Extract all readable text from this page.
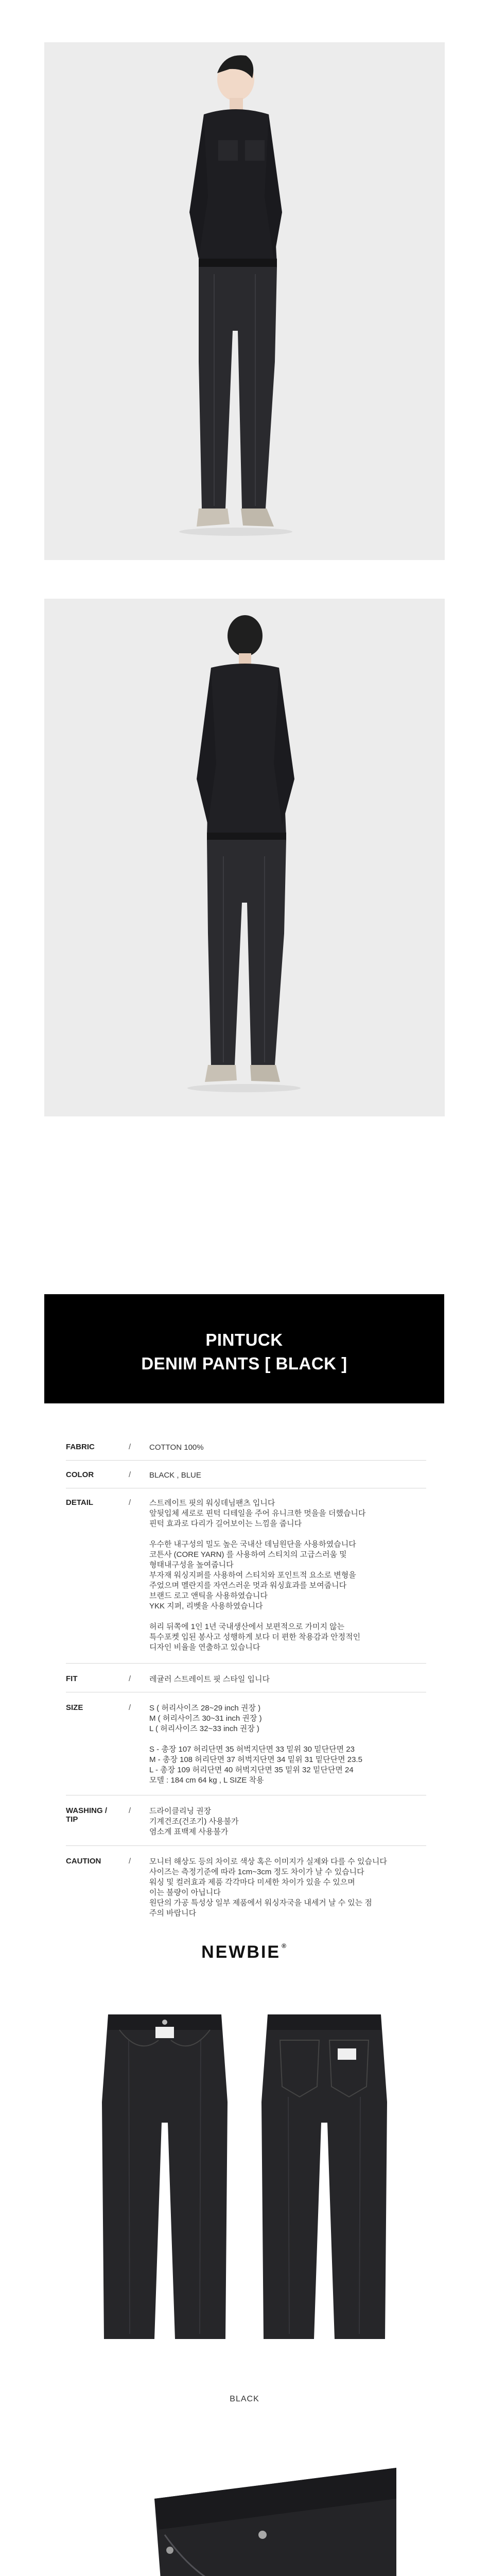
PINTUCK
DENIM PANTS [ BLACK ]
FABRIC	/	COTTON 100%
COLOR	/	BLACK , BLUE
DETAIL	/	스트레이트 핏의 워싱데님팬츠 입니다
앞뒷입체 세로로 핀턱 디테일을 주어 유니크한 멋을을 더했습니다
핀턱 효과로 다리가 길어보이는 느낌을 줍니다
우수한 내구성의 밀도 높은 국내산 데님원단을 사용하였습니다
코튼사 (CORE YARN) 를 사용하여 스티치의 고급스러움 및
형태내구성을 높여줍니다
부자재 워싱지퍼를 사용하여 스티치와 포인트적 요소로 변형을
주었으며 멜란지를 자연스러운 멋과 워싱효과를 보여줍니다
브랜드 로고 앤틱을 사용하였습니다
YKK 지퍼, 리벳을 사용하였습니다
허리 뒤쪽에 1인 1년 국내생산에서 보편적으로 가미지 않는
특수포켓 입된 봉사고 성행하게 보다 더 편한 착용감과 안정적인
디자인 비율을 연출하고 있습니다
FIT	/	레귤러 스트레이트 핏 스타일 입니다
SIZE	/	S ( 허리사이즈 28~29 inch 권장 )
M ( 허리사이즈 30~31 inch 권장 )
L ( 허리사이즈 32~33 inch 권장 )
S - 총장 107 허리단면 35 허벅지단면 33 밑위 30 밑단단면 23
M - 총장 108 허리단면 37 허벅지단면 34 밑위 31 밑단단면 23.5
L - 총장 109 허리단면 40 허벅지단면 35 밑위 32 밑단단면 24
모델 : 184 cm 64 kg , L SIZE 착용
WASHING /
TIP
/	드라이클리닝 권장
기계건조(건조기) 사용불가
염소계 표백제 사용불가
CAUTION	/	모니터 해상도 등의 차이로 색상 혹은 이미지가 실제와 다를 수 있습니다
사이즈는 측정기준에 따라 1cm~3cm 정도 차이가 날 수 있습니다
워싱 및 컬러효과 제품 각각마다 미세한 차이가 있을 수 있으며
이는 불량이 아닙니다
원단의 가공 특성상 일부 제품에서 워싱자국을 내세거 날 수 있는 점
주의 바랍니다
NEWBIE ®
BLACK
